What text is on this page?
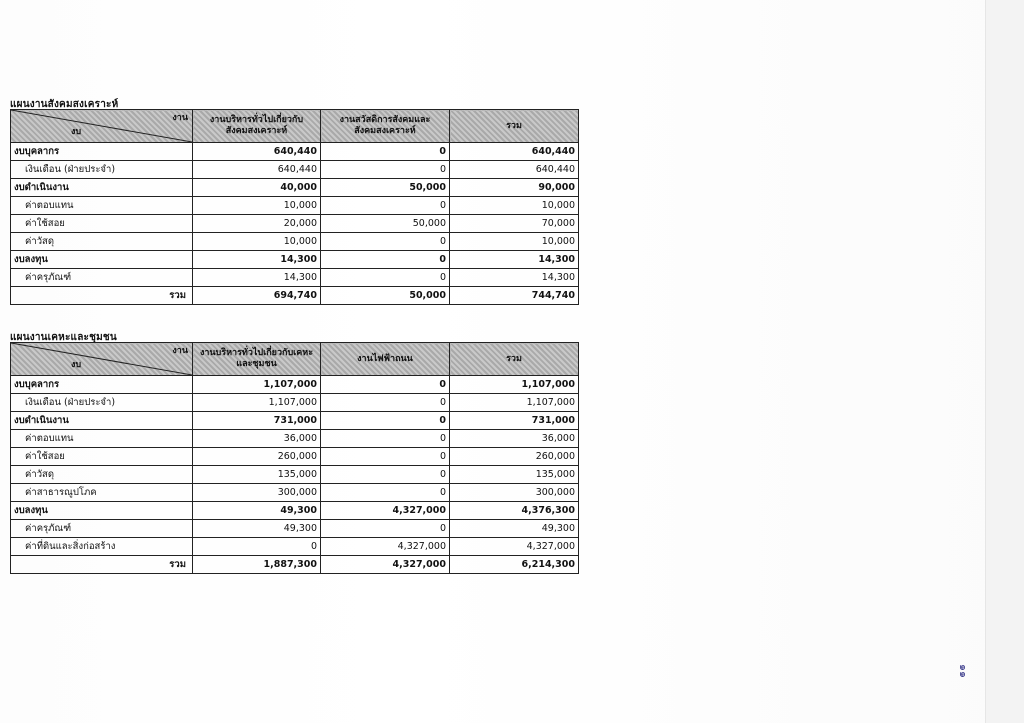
แผนงานสังคมสงเคราะห์
งาน
งบ	งานบริหารทั่วไปเกี่ยวกับสังคมสงเคราะห์	งานสวัสดิการสังคมและสังคมสงเคราะห์	รวม
งบบุคลากร	640,440	0	640,440
เงินเดือน (ฝ่ายประจำ)	640,440	0	640,440
งบดำเนินงาน	40,000	50,000	90,000
ค่าตอบแทน	10,000	0	10,000
ค่าใช้สอย	20,000	50,000	70,000
ค่าวัสดุ	10,000	0	10,000
งบลงทุน	14,300	0	14,300
ค่าครุภัณฑ์	14,300	0	14,300
รวม	694,740	50,000	744,740
แผนงานเคหะและชุมชน
งาน
งบ	งานบริหารทั่วไปเกี่ยวกับเคหะและชุมชน	งานไฟฟ้าถนน	รวม
งบบุคลากร	1,107,000	0	1,107,000
เงินเดือน (ฝ่ายประจำ)	1,107,000	0	1,107,000
งบดำเนินงาน	731,000	0	731,000
ค่าตอบแทน	36,000	0	36,000
ค่าใช้สอย	260,000	0	260,000
ค่าวัสดุ	135,000	0	135,000
ค่าสาธารณูปโภค	300,000	0	300,000
งบลงทุน	49,300	4,327,000	4,376,300
ค่าครุภัณฑ์	49,300	0	49,300
ค่าที่ดินและสิ่งก่อสร้าง	0	4,327,000	4,327,000
รวม	1,887,300	4,327,000	6,214,300
๑๑
